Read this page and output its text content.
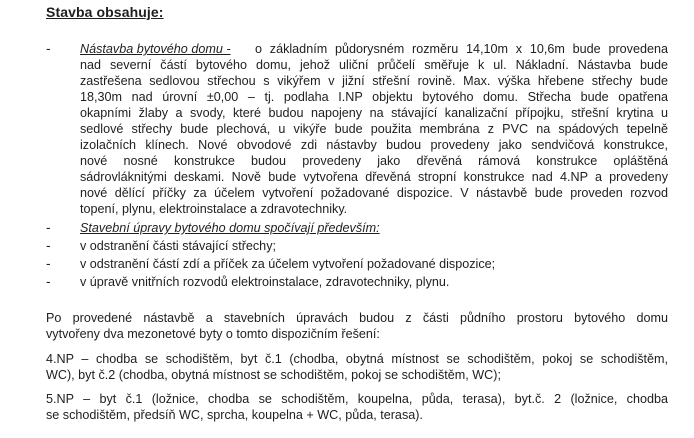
Stavba obsahuje:
- Nástavba bytového domu - o základním půdorysném rozměru 14,10m x 10,6m bude provedena
nad severní částí bytového domu, jehož uliční průčelí směřuje k ul. Nákladní. Nástavba bude
zastřešena sedlovou střechou s vikýřem v jižní střešní rovině. Max. výška hřebene střechy bude
18,30m nad úrovní ±0,00 – tj. podlaha I.NP objektu bytového domu. Střecha bude opatřena
okapními žlaby a svody, které budou napojeny na stávající kanalizační přípojku, střešní krytina u
sedlové střechy bude plechová, u vikýře bude použita membrána z PVC na spádových tepelně
izolačních klínech. Nové obvodové zdi nástavby budou provedeny jako sendvičová konstrukce,
nové nosné konstrukce budou provedeny jako dřevěná rámová konstrukce opláštěná
sádrovláknitými deskami. Nově bude vytvořena dřevěná stropní konstrukce nad 4.NP a provedeny
nové dělící příčky za účelem vytvoření požadované dispozice. V nástavbě bude proveden rozvod
topení, plynu, elektroinstalace a zdravotechniky.
- Stavební úpravy bytového domu spočívají především:
- v odstranění části stávající střechy;
- v odstranění částí zdí a příček za účelem vytvoření požadované dispozice;
- v úpravě vnitřních rozvodů elektroinstalace, zdravotechniky, plynu.
Po provedené nástavbě a stavebních úpravách budou z části půdního prostoru bytového domu
vytvořeny dva mezonetové byty o tomto dispozičním řešení:
4.NP – chodba se schodištěm, byt č.1 (chodba, obytná místnost se schodištěm, pokoj se schodištěm,
WC), byt č.2 (chodba, obytná místnost se schodištěm, pokoj se schodištěm, WC);
5.NP – byt č.1 (ložnice, chodba se schodištěm, koupelna, půda, terasa), byt.č. 2 (ložnice, chodba
se schodištěm, předsíň WC, sprcha, koupelna + WC, půda, terasa).
